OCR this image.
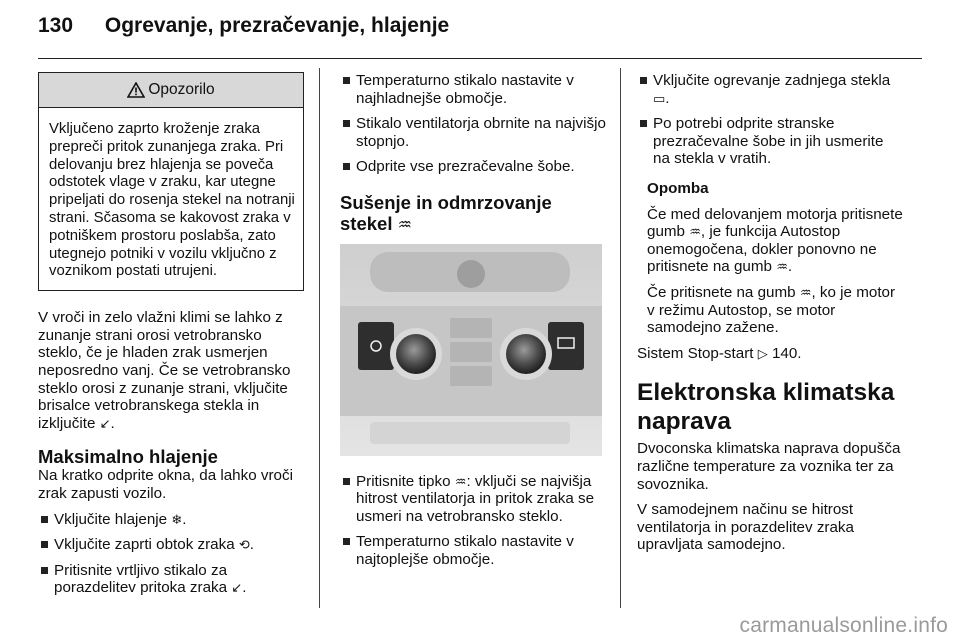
130 Ogrevanje, prezračevanje, hlajenje
Opozorilo
Vključeno zaprto kroženje zraka prepreči pritok zunanjega zraka. Pri delovanju brez hlajenja se poveča odstotek vlage v zraku, kar utegne pripeljati do rosenja stekel na notranji strani. Sčasoma se kakovost zraka v potniškem prostoru poslabša, zato utegnejo potniki v vozilu vključno z voznikom postati utrujeni.

V vroči in zelo vlažni klimi se lahko z zunanje strani orosi vetrobransko steklo, če je hladen zrak usmerjen neposredno vanj. Če se vetrobransko steklo orosi z zunanje strani, vključite brisalce vetrobranskega stekla in izključite ↙.

Maksimalno hlajenje

Na kratko odprite okna, da lahko vroči zrak zapusti vozilo.

Vključite hlajenje ❄.
Vključite zaprti obtok zraka ⟲.
Pritisnite vrtljivo stikalo za porazdelitev pritoka zraka ↙.
Temperaturno stikalo nastavite v najhladnejše območje.
Stikalo ventilatorja obrnite na najvišjo stopnjo.
Odprite vse prezračevalne šobe.
Sušenje in odmrzovanje stekel ♒
Pritisnite tipko ♒: vključi se najvišja hitrost ventilatorja in pritok zraka se usmeri na vetrobransko steklo.
Temperaturno stikalo nastavite v najtoplejše območje.
Vključite ogrevanje zadnjega stekla ▭.
Po potrebi odprite stranske prezračevalne šobe in jih usmerite na stekla v vratih.

Opomba

Če med delovanjem motorja pritisnete gumb ♒, je funkcija Autostop onemogočena, dokler ponovno ne pritisnete na gumb ♒.

Če pritisnete na gumb ♒, ko je motor v režimu Autostop, se motor samodejno zažene.

Sistem Stop-start ▷ 140.

Elektronska klimatska naprava

Dvoconska klimatska naprava dopušča različne temperature za voznika ter za sovoznika.

V samodejnem načinu se hitrost ventilatorja in porazdelitev zraka upravljata samodejno.

carmanualsonline.info
